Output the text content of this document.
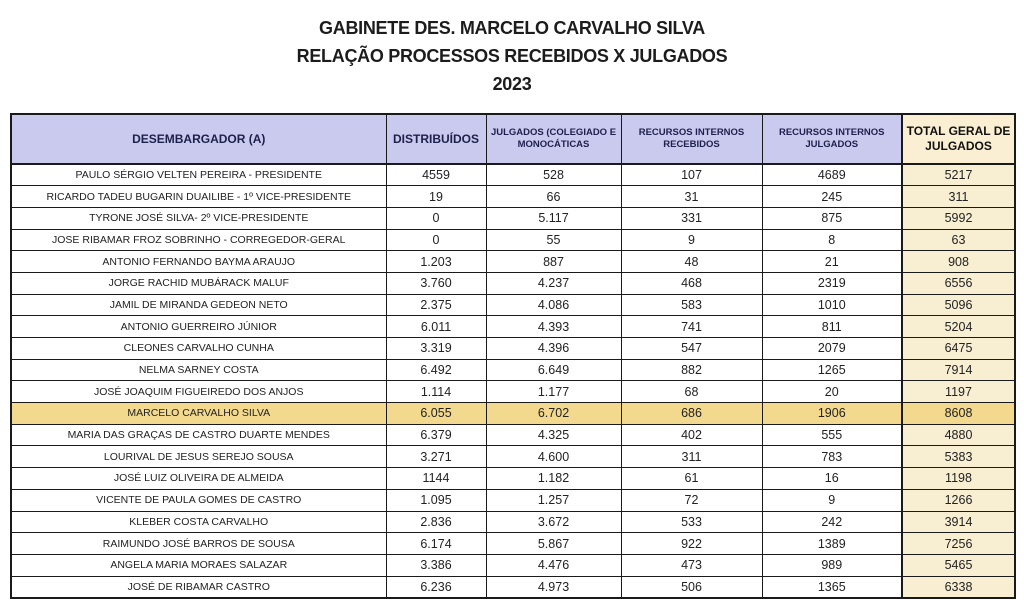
GABINETE DES. MARCELO CARVALHO SILVA
RELAÇÃO PROCESSOS RECEBIDOS X JULGADOS
2023
DESEMBARGADOR (A)	DISTRIBUÍDOS	JULGADOS (COLEGIADO E MONOCÁTICAS	RECURSOS INTERNOS RECEBIDOS	RECURSOS INTERNOS JULGADOS	TOTAL GERAL DE JULGADOS
PAULO SÉRGIO VELTEN PEREIRA - PRESIDENTE	4559	528	107	4689	5217
RICARDO TADEU BUGARIN DUAILIBE - 1º VICE-PRESIDENTE	19	66	31	245	311
TYRONE JOSÉ SILVA- 2º VICE-PRESIDENTE	0	5.117	331	875	5992
JOSE RIBAMAR FROZ SOBRINHO - CORREGEDOR-GERAL	0	55	9	8	63
ANTONIO FERNANDO BAYMA ARAUJO	1.203	887	48	21	908
JORGE RACHID MUBÁRACK MALUF	3.760	4.237	468	2319	6556
JAMIL DE MIRANDA GEDEON NETO	2.375	4.086	583	1010	5096
ANTONIO GUERREIRO JÚNIOR	6.011	4.393	741	811	5204
CLEONES CARVALHO CUNHA	3.319	4.396	547	2079	6475
NELMA SARNEY COSTA	6.492	6.649	882	1265	7914
JOSÉ JOAQUIM FIGUEIREDO DOS ANJOS	1.114	1.177	68	20	1197
MARCELO CARVALHO SILVA	6.055	6.702	686	1906	8608
MARIA DAS GRAÇAS DE CASTRO DUARTE MENDES	6.379	4.325	402	555	4880
LOURIVAL DE JESUS SEREJO SOUSA	3.271	4.600	311	783	5383
JOSÉ LUIZ OLIVEIRA DE ALMEIDA	1144	1.182	61	16	1198
VICENTE DE PAULA GOMES DE CASTRO	1.095	1.257	72	9	1266
KLEBER COSTA CARVALHO	2.836	3.672	533	242	3914
RAIMUNDO JOSÉ BARROS DE SOUSA	6.174	5.867	922	1389	7256
ANGELA MARIA MORAES SALAZAR	3.386	4.476	473	989	5465
JOSÉ DE RIBAMAR CASTRO	6.236	4.973	506	1365	6338
